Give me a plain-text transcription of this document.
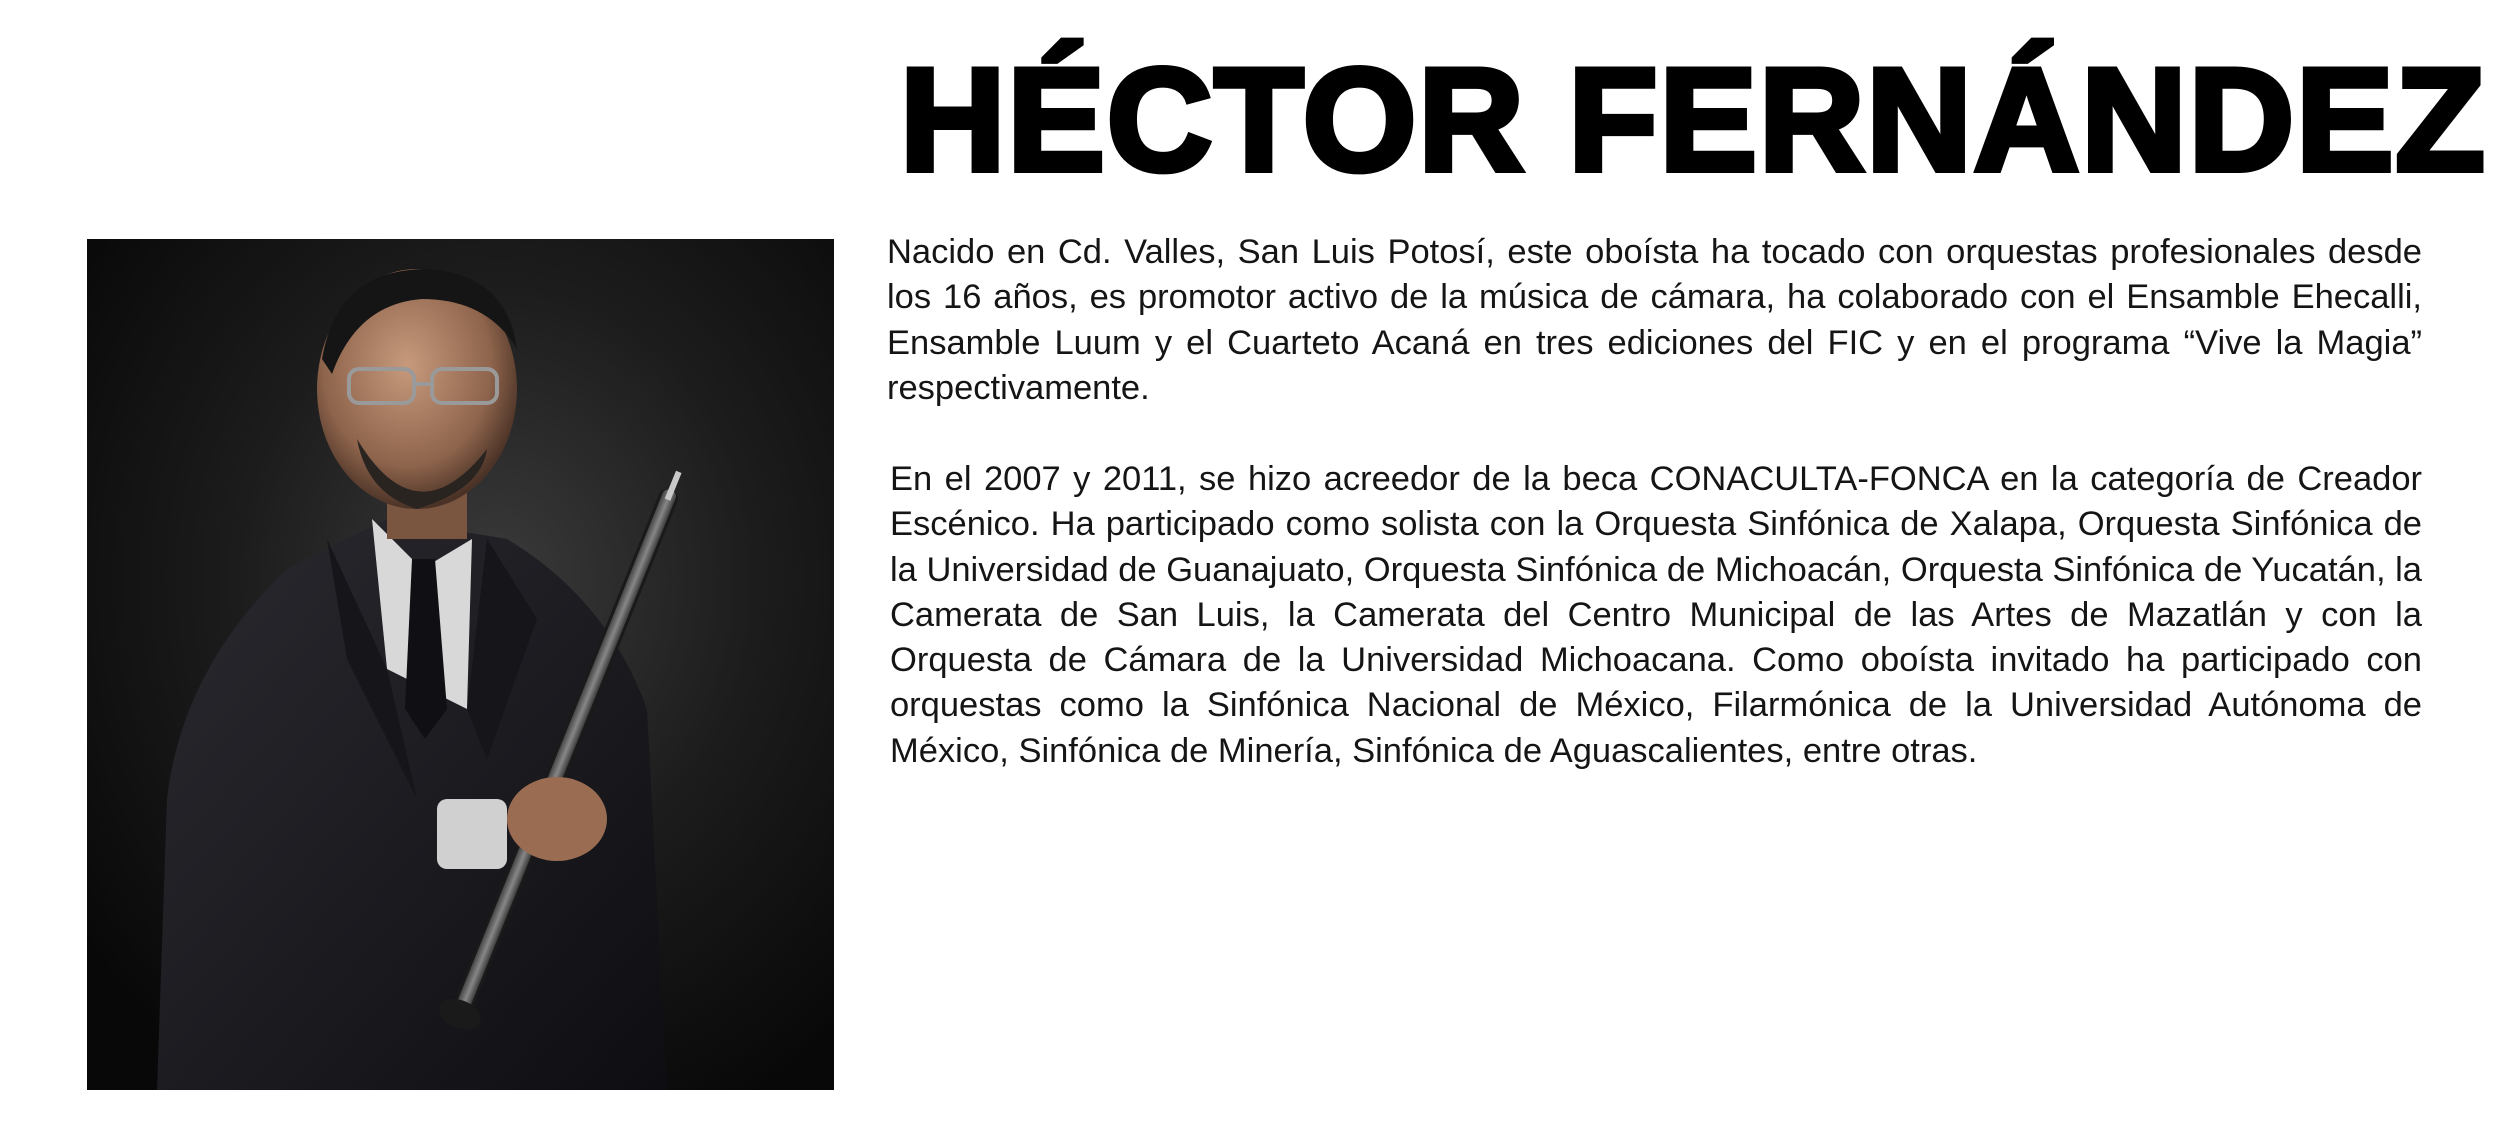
HÉCTOR FERNÁNDEZ

Nacido en Cd. Valles, San Luis Potosí, este oboísta ha tocado con orquestas profesionales desde los 16 años, es promotor activo de la música de cámara, ha colaborado con el Ensamble Ehecalli, Ensamble Luum y el Cuarteto Acaná en tres ediciones del FIC y en el programa “Vive la Magia” respectivamente.

En el 2007 y 2011, se hizo acreedor de la beca CONACULTA-FONCA en la categoría de Creador Escénico. Ha participado como solista con la Orquesta Sinfónica de Xalapa, Orquesta Sinfónica de la Universidad de Guanajuato, Orquesta Sinfónica de Michoacán, Orquesta Sinfónica de Yucatán, la Camerata de San Luis, la Camerata del Centro Municipal de las Artes de Mazatlán y con la Orquesta de Cámara de la Universidad Michoacana. Como oboísta invitado ha participado con orquestas como la Sinfónica Nacional de México, Filarmónica de la Universidad Autónoma de México, Sinfónica de Minería, Sinfónica de Aguascalientes, entre otras.
